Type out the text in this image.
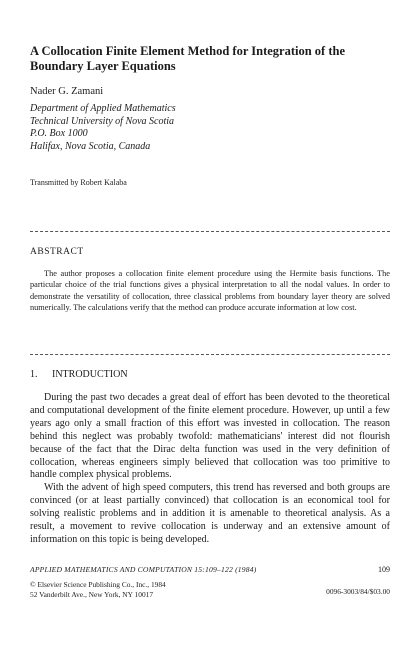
A Collocation Finite Element Method for Integration of the Boundary Layer Equations
Nader G. Zamani
Department of Applied Mathematics
Technical University of Nova Scotia
P.O. Box 1000
Halifax, Nova Scotia, Canada
Transmitted by Robert Kalaba
ABSTRACT
The author proposes a collocation finite element procedure using the Hermite basis functions. The particular choice of the trial functions gives a physical interpretation to all the nodal values. In order to demonstrate the versatility of collocation, three classical problems from boundary layer theory are solved numerically. The calculations verify that the method can produce accurate information at low cost.
1. INTRODUCTION

During the past two decades a great deal of effort has been devoted to the theoretical and computational development of the finite element procedure. However, up until a few years ago only a small fraction of this effort was invested in collocation. The reason behind this neglect was probably twofold: mathematicians' interest did not flourish because of the fact that the Dirac delta function was used in the very definition of collocation, whereas engineers simply believed that collocation was too primitive to handle complex physical problems.

With the advent of high speed computers, this trend has reversed and both groups are convinced (or at least partially convinced) that collocation is an economical tool for solving realistic problems and in addition it is amenable to theoretical analysis. As a result, a movement to revive collocation is underway and an extensive amount of information on this topic is being developed.

APPLIED MATHEMATICS AND COMPUTATION 15:109–122 (1984)	109
© Elsevier Science Publishing Co., Inc., 1984
52 Vanderbilt Ave., New York, NY 10017	0096-3003/84/$03.00
